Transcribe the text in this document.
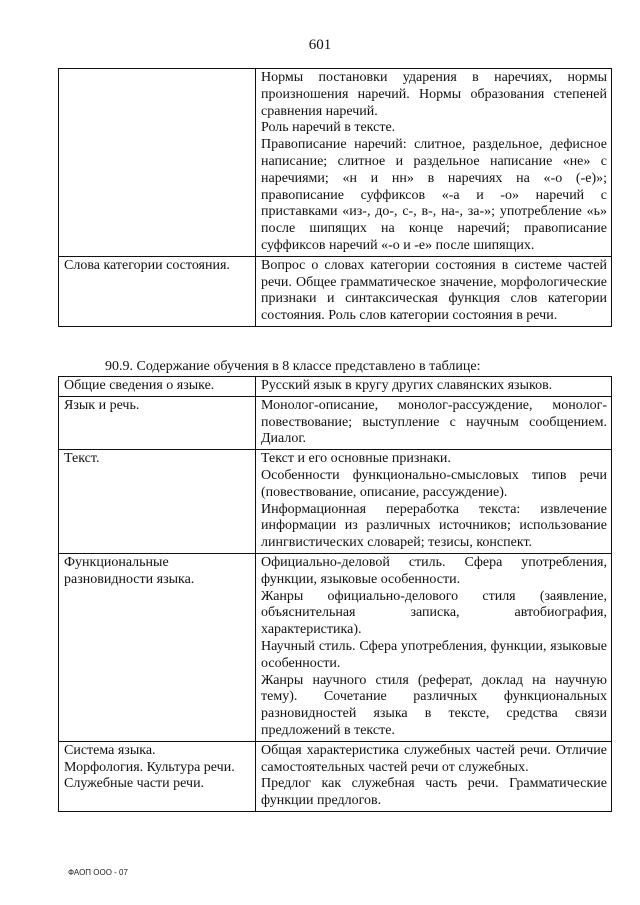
601

	Нормы постановки ударения в наречиях, нормы произношения наречий. Нормы образования степеней сравнения наречий.
Роль наречий в тексте.
Правописание наречий: слитное, раздельное, дефисное написание; слитное и раздельное написание «не» с наречиями; «н и нн» в наречиях на «-о (-е)»; правописание суффиксов «-а и -о» наречий с приставками «из-, до-, с-, в-, на-, за-»; употребление «ь» после шипящих на конце наречий; правописание суффиксов наречий «-о и -е» после шипящих.

Слова категории состояния.	Вопрос о словах категории состояния в системе частей речи. Общее грамматическое значение, морфологические признаки и синтаксическая функция слов категории состояния. Роль слов категории состояния в речи.
90.9. Содержание обучения в 8 классе представлено в таблице:
Общие сведения о языке.	Русский язык в кругу других славянских языков.

Язык и речь.	Монолог-описание, монолог-рассуждение, монолог-повествование; выступление с научным сообщением. Диалог.

Текст.	Текст и его основные признаки.
Особенности функционально-смысловых типов речи (повествование, описание, рассуждение).
Информационная переработка текста: извлечение информации из различных источников; использование лингвистических словарей; тезисы, конспект.

Функциональные разновидности языка.	Официально-деловой стиль. Сфера употребления, функции, языковые особенности.
Жанры официально-делового стиля (заявление, объяснительная записка, автобиография, характеристика).
Научный стиль. Сфера употребления, функции, языковые особенности.
Жанры научного стиля (реферат, доклад на научную тему). Сочетание различных функциональных разновидностей языка в тексте, средства связи предложений в тексте.

Система языка.
Морфология. Культура речи.
Служебные части речи.	Общая характеристика служебных частей речи. Отличие самостоятельных частей речи от служебных.
Предлог как служебная часть речи. Грамматические функции предлогов.
ФАОП ООО - 07
